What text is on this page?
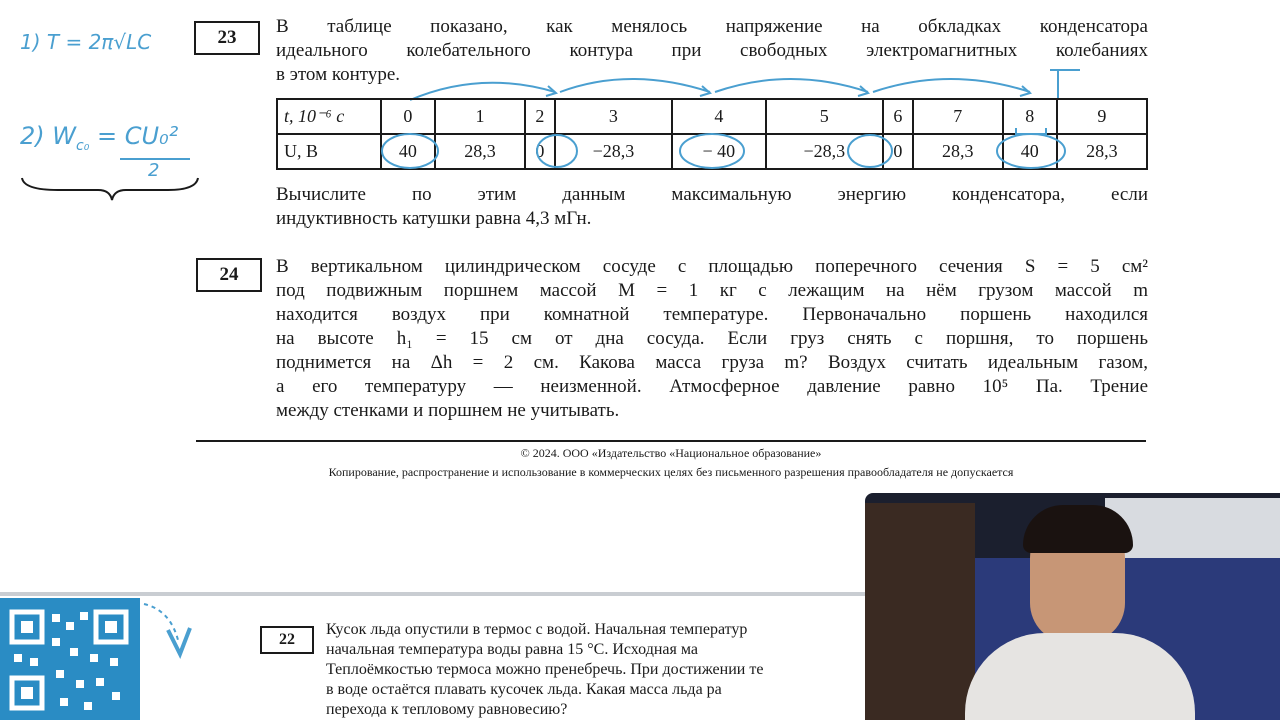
1) T = 2π√LC
2) $W_{c_0} = CU_0^2$
2
23
В таблице показано, как менялось напряжение на обкладках конденсатора
идеального колебательного контура при свободных электромагнитных колебаниях
в этом контуре.
t, 10⁻⁶ с	0	1	2	3	4	5	6	7	8	9
U, В	40	28,3	0	−28,3	− 40	−28,3	0	28,3	40	28,3
Вычислите по этим данным максимальную энергию конденсатора, если
индуктивность катушки равна 4,3 мГн.
24	В вертикальном цилиндрическом сосуде с площадью поперечного сечения S = 5 см²
под подвижным поршнем массой M = 1 кг с лежащим на нём грузом массой m
находится воздух при комнатной температуре. Первоначально поршень находился
на высоте h₁ = 15 см от дна сосуда. Если груз снять с поршня, то поршень
поднимется на Δh = 2 см. Какова масса груза m? Воздух считать идеальным газом,
а его температуру — неизменной. Атмосферное давление равно 10⁵ Па. Трение
между стенками и поршнем не учитывать.
© 2024. ООО «Издательство «Национальное образование»
Копирование, распространение и использование в коммерческих целях без письменного разрешения правообладателя не допускается
22
Кусок льда опустили в термос с водой. Начальная температур
начальная температура воды равна 15 °С. Исходная ма
Теплоёмкостью термоса можно пренебречь. При достижении те
в воде остаётся плавать кусочек льда. Какая масса льда ра
перехода к тепловому равновесию?
